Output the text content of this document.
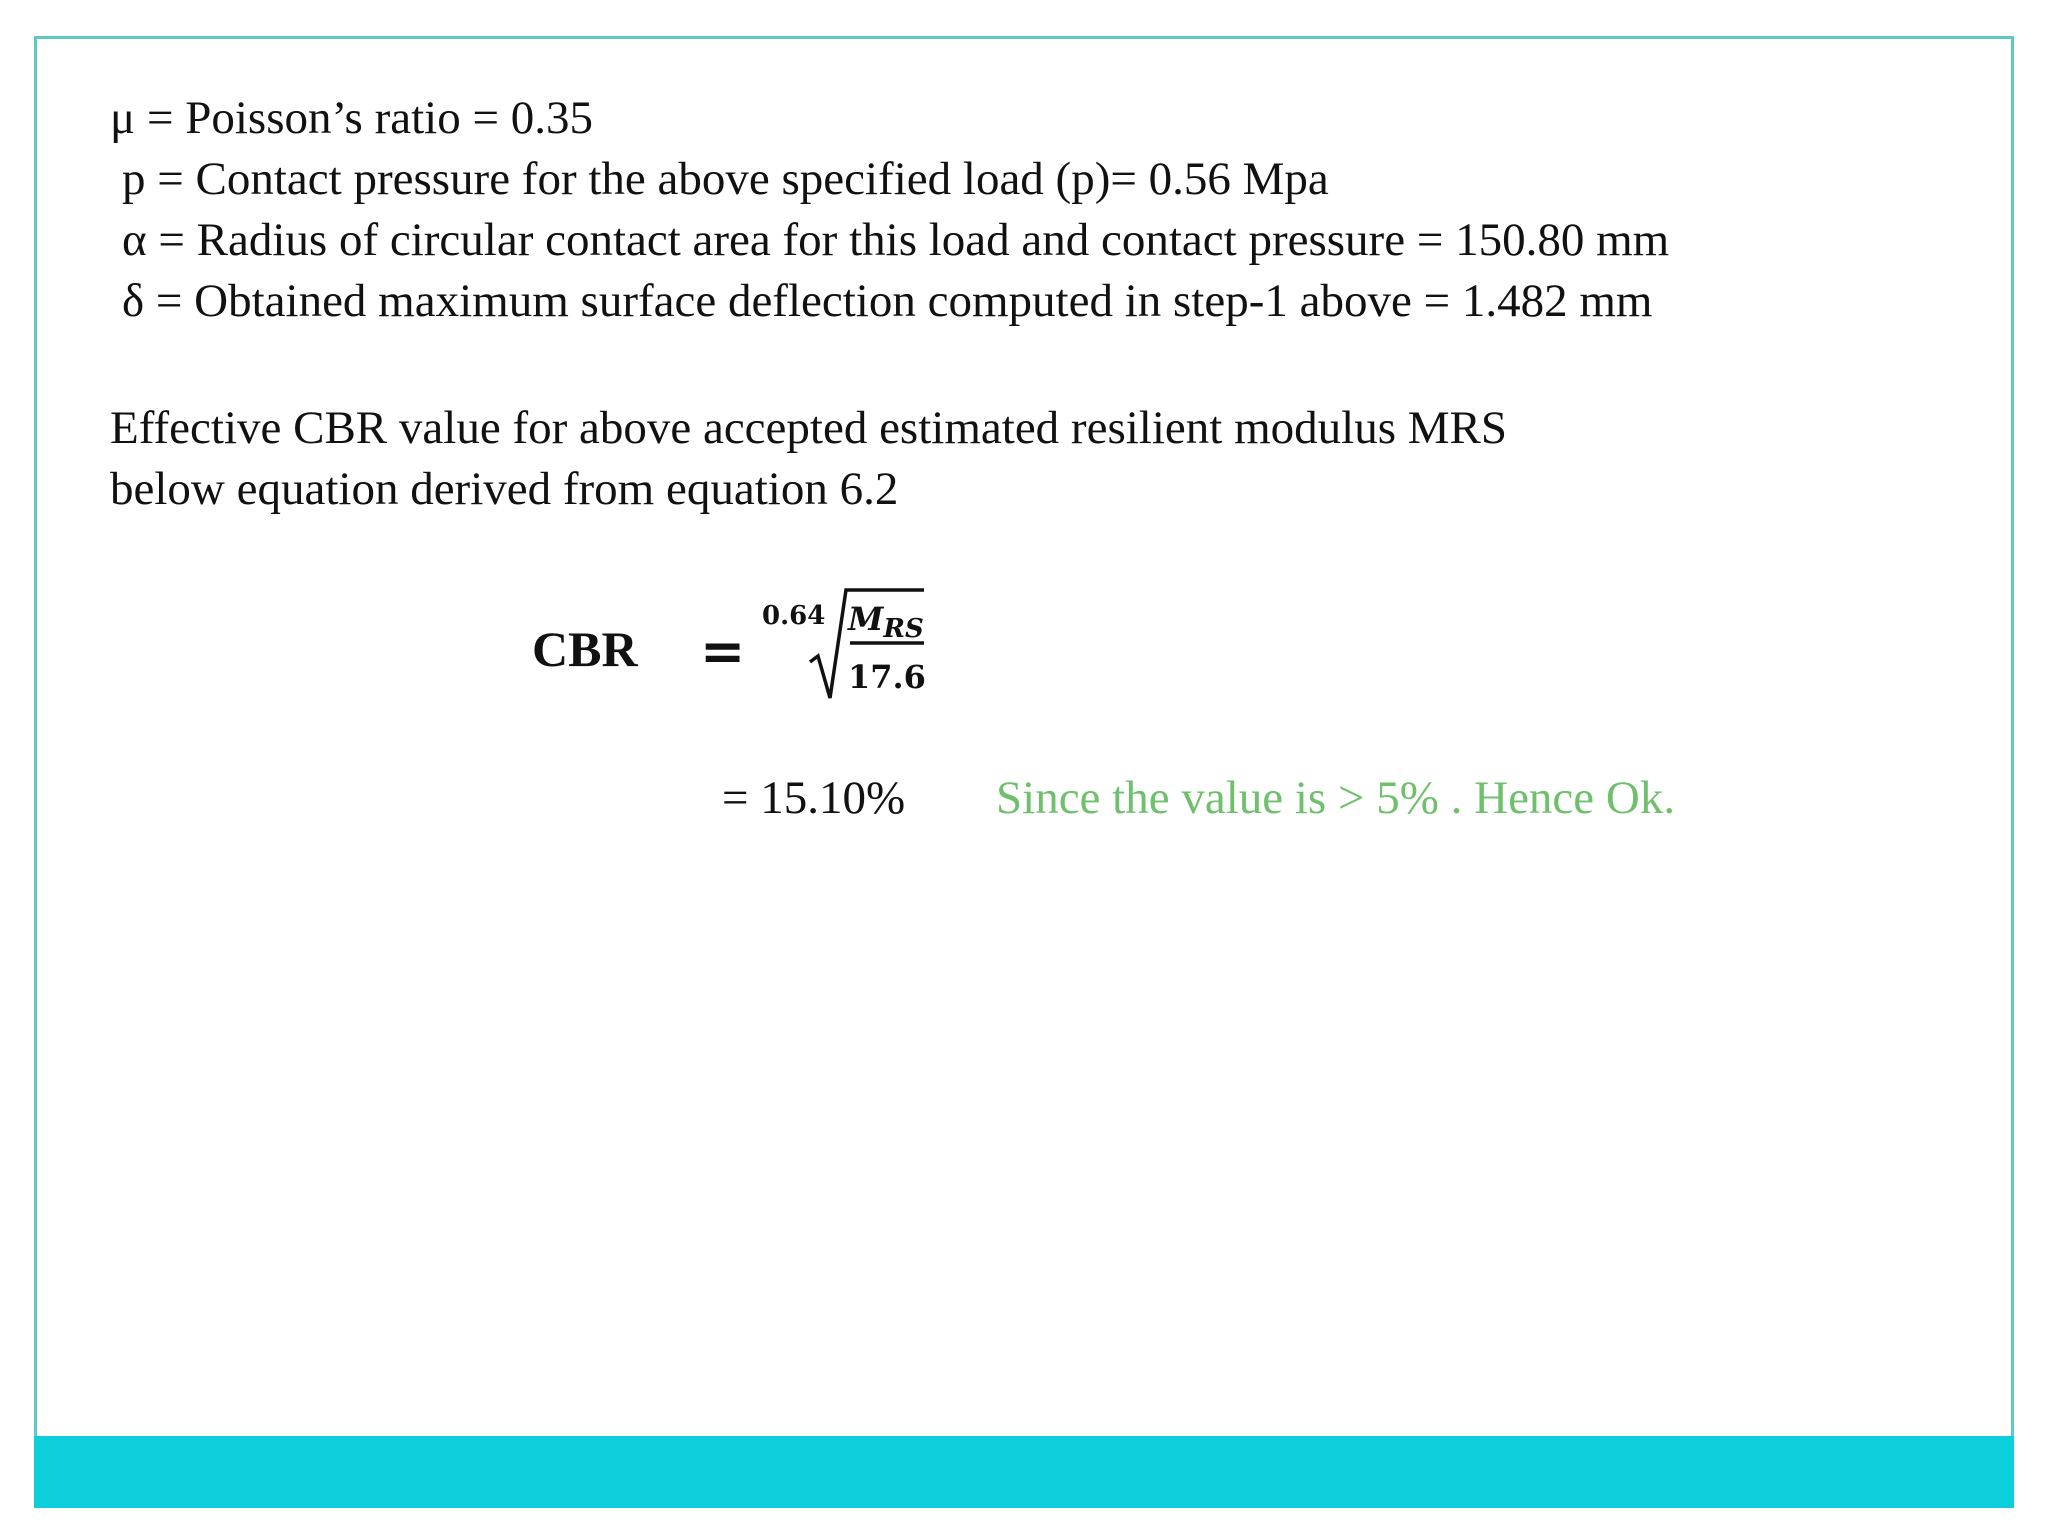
μ = Poisson’s ratio = 0.35
p = Contact pressure for the above specified load (p)= 0.56 Mpa
α = Radius of circular contact area for this load and contact pressure = 150.80 mm
δ = Obtained maximum surface deflection computed in step-1 above = 1.482 mm
Effective CBR value for above accepted estimated resilient modulus MRS
below equation derived from equation 6.2
CBR =
0.64 $M_{RS}$
17.6
= 15.10% Since the value is > 5% . Hence Ok.
